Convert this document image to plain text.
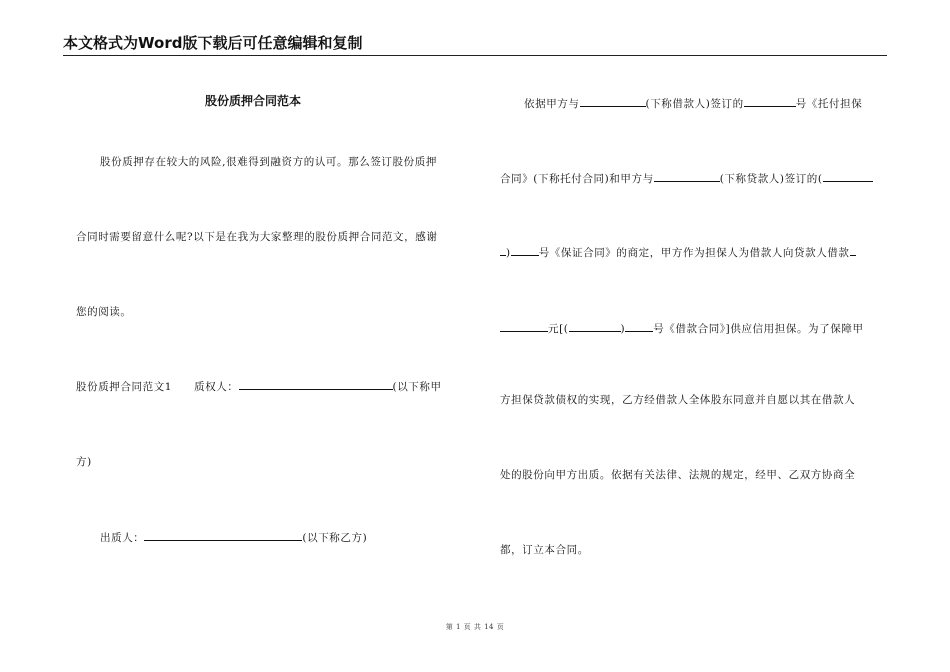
本文格式为Word版下载后可任意编辑和复制
股份质押合同范本
股份质押存在较大的风险,很难得到融资方的认可。那么签订股份质押
合同时需要留意什么呢?以下是在我为大家整理的股份质押合同范文，感谢
您的阅读。
股份质押合同范文1 质权人：	(以下称甲
方)
出质人：	(以下称乙方)
依据甲方与	(下称借款人)签订的	号《托付担保
合同》(下称托付合同)和甲方与	(下称贷款人)签订的(
)	号《保证合同》的商定，甲方作为担保人为借款人向贷款人借款
元[(	)	号《借款合同》]供应信用担保。为了保障甲
方担保贷款债权的实现，乙方经借款人全体股东同意并自愿以其在借款人
处的股份向甲方出质。依据有关法律、法规的规定，经甲、乙双方协商全
都，订立本合同。
第 1 页 共 14 页
